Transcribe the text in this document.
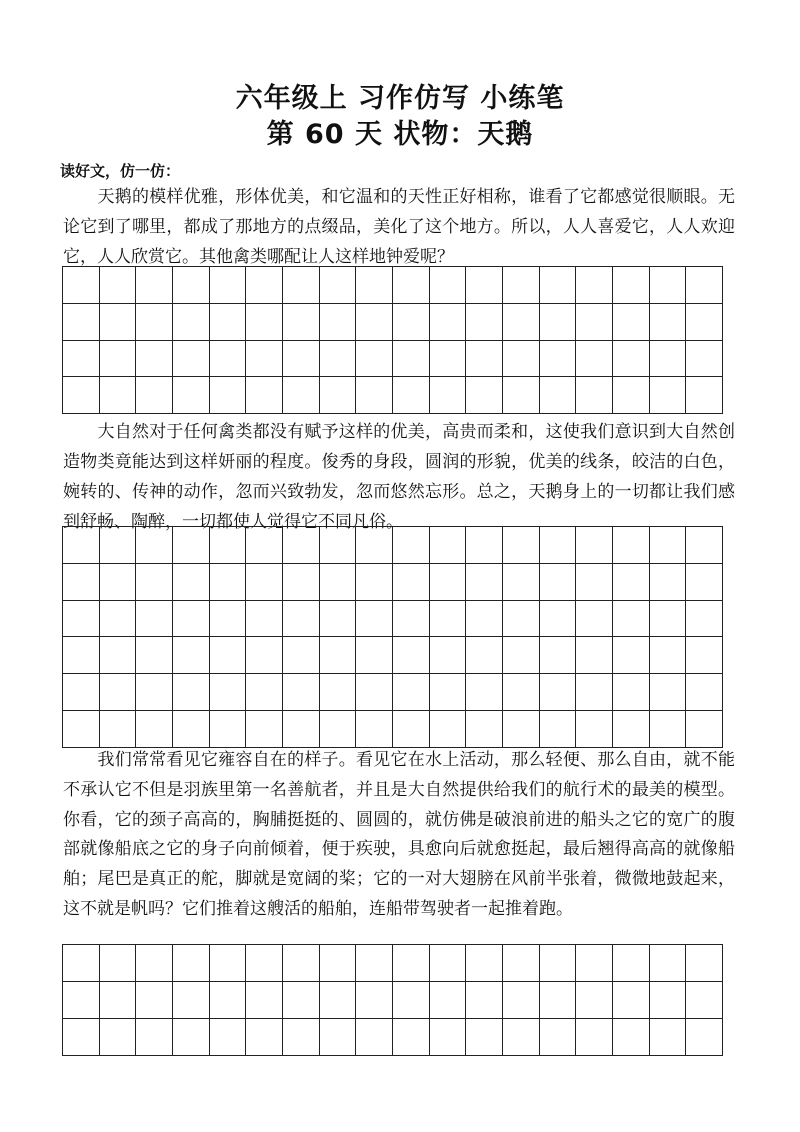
六年级上 习作仿写 小练笔
第 60 天 状物：天鹅
读好文，仿一仿：

　　天鹅的模样优雅，形体优美，和它温和的天性正好相称，谁看了它都感觉很顺眼。无论它到了哪里，都成了那地方的点缀品，美化了这个地方。所以，人人喜爱它，人人欢迎它，人人欣赏它。其他禽类哪配让人这样地钟爱呢？

　　大自然对于任何禽类都没有赋予这样的优美，高贵而柔和，这使我们意识到大自然创造物类竟能达到这样妍丽的程度。俊秀的身段，圆润的形貌，优美的线条，皎洁的白色，婉转的、传神的动作，忽而兴致勃发，忽而悠然忘形。总之，天鹅身上的一切都让我们感到舒畅、陶醉，一切都使人觉得它不同凡俗。

　　我们常常看见它雍容自在的样子。看见它在水上活动，那么轻便、那么自由，就不能不承认它不但是羽族里第一名善航者，并且是大自然提供给我们的航行术的最美的模型。你看，它的颈子高高的，胸脯挺挺的、圆圆的，就仿佛是破浪前进的船头之它的宽广的腹部就像船底之它的身子向前倾着，便于疾驶，具愈向后就愈挺起，最后翘得高高的就像船舶；尾巴是真正的舵，脚就是宽阔的桨；它的一对大翅膀在风前半张着，微微地鼓起来，这不就是帆吗？它们推着这艘活的船舶，连船带驾驶者一起推着跑。
